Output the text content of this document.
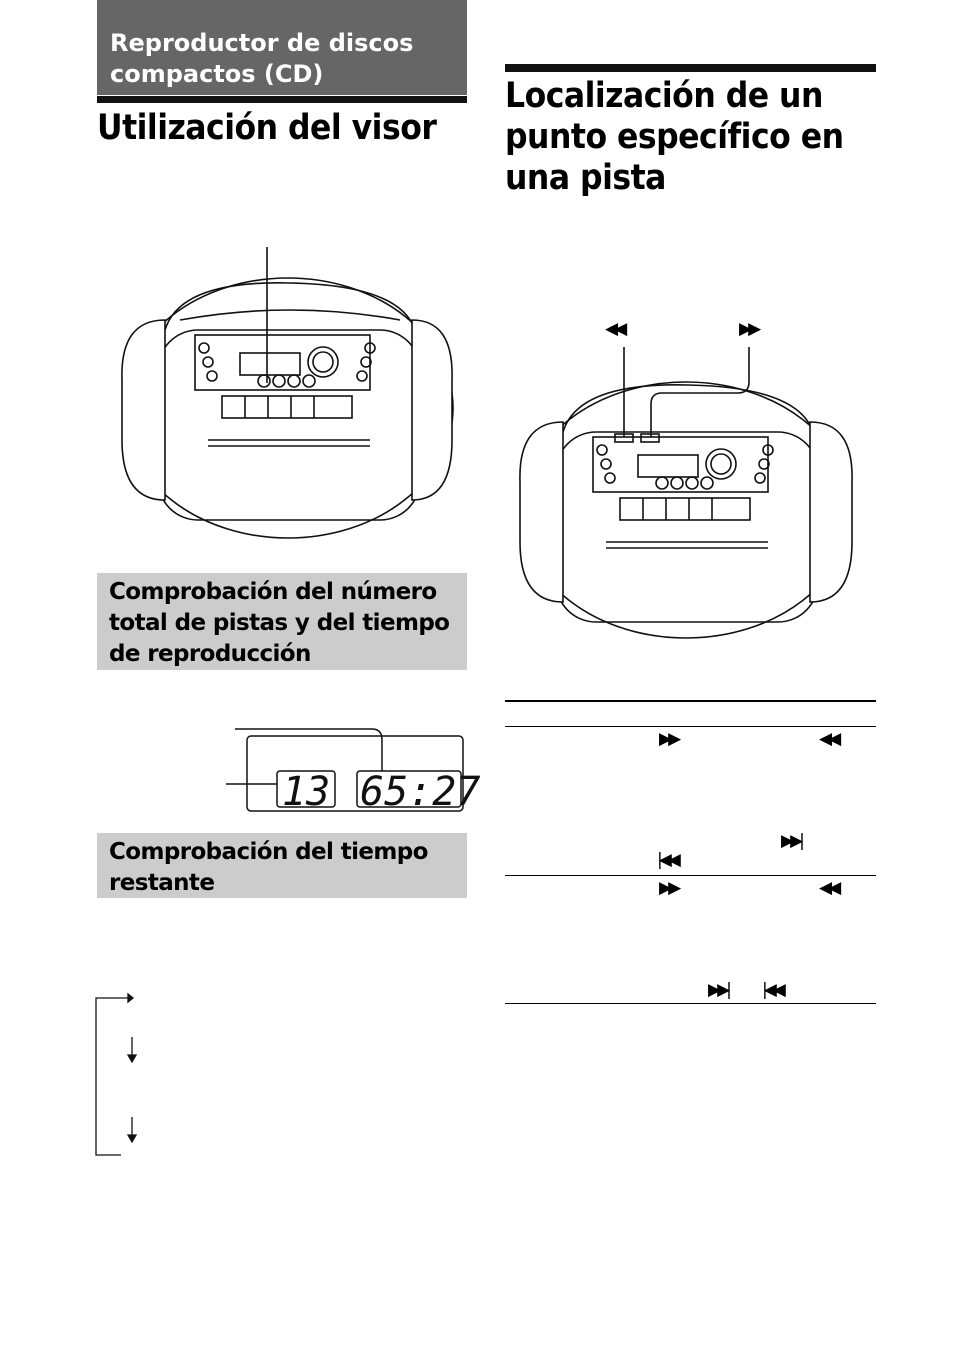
Reproductor de discos compactos (CD)
Utilización del visor
Comprobación del número total de pistas y del tiempo de reproducción
13 65:27
Comprobación del tiempo restante
Localización de un punto específico en una pista
◀◀	▶▶
▶▶	◀◀
▶▶|
|◀◀
▶▶	◀◀
▶▶| |◀◀
